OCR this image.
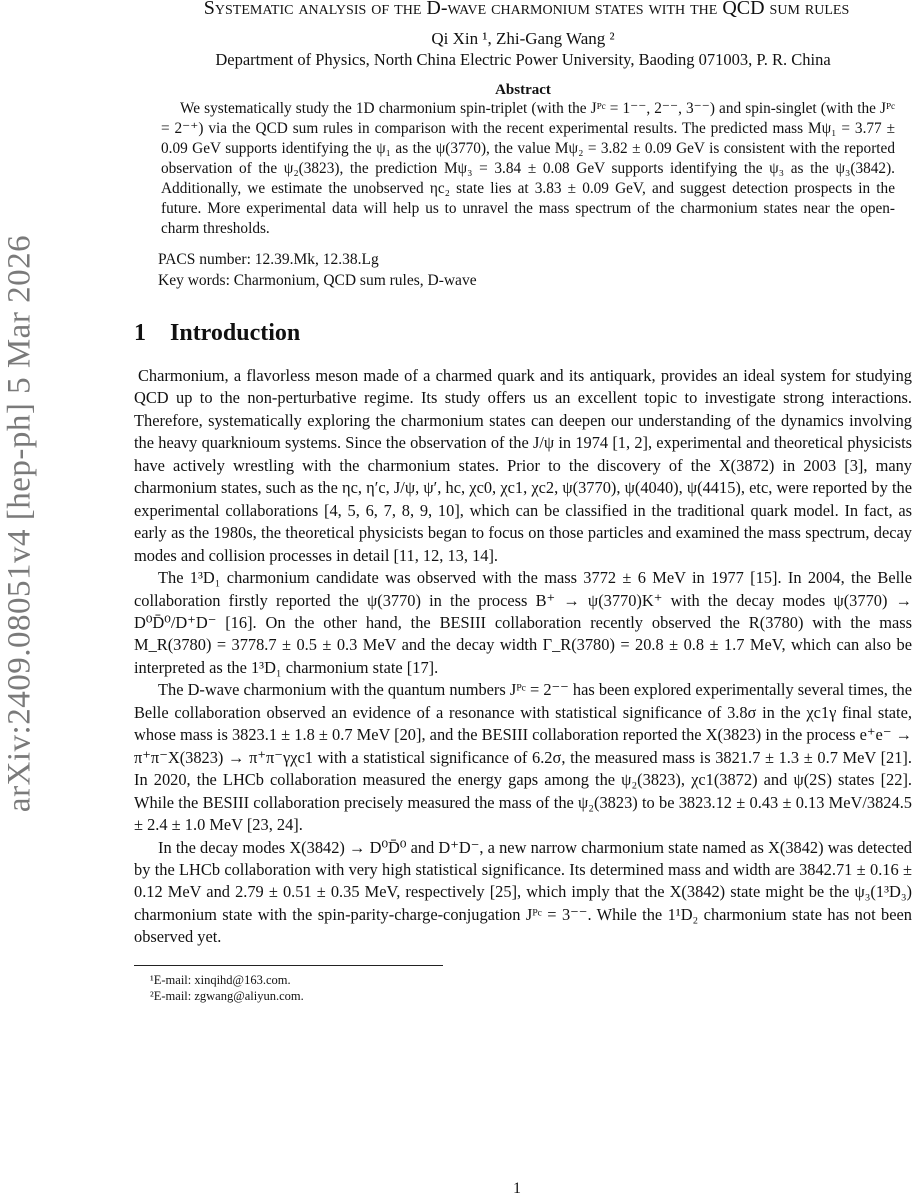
arXiv:2409.08051v4 [hep-ph] 5 Mar 2026
Systematic analysis of the D-wave charmonium states with the QCD sum rules
Qi Xin ¹, Zhi-Gang Wang ²
Department of Physics, North China Electric Power University, Baoding 071003, P. R. China
Abstract
We systematically study the 1D charmonium spin-triplet (with the Jᴾᶜ = 1⁻⁻, 2⁻⁻, 3⁻⁻) and spin-singlet (with the Jᴾᶜ = 2⁻⁺) via the QCD sum rules in comparison with the recent experimental results. The predicted mass Mψ₁ = 3.77 ± 0.09 GeV supports identifying the ψ₁ as the ψ(3770), the value Mψ₂ = 3.82 ± 0.09 GeV is consistent with the reported observation of the ψ₂(3823), the prediction Mψ₃ = 3.84 ± 0.08 GeV supports identifying the ψ₃ as the ψ₃(3842). Additionally, we estimate the unobserved ηc₂ state lies at 3.83 ± 0.09 GeV, and suggest detection prospects in the future. More experimental data will help us to unravel the mass spectrum of the charmonium states near the open-charm thresholds.
PACS number: 12.39.Mk, 12.38.Lg
Key words: Charmonium, QCD sum rules, D-wave
1 Introduction

Charmonium, a flavorless meson made of a charmed quark and its antiquark, provides an ideal system for studying QCD up to the non-perturbative regime. Its study offers us an excellent topic to investigate strong interactions. Therefore, systematically exploring the charmonium states can deepen our understanding of the dynamics involving the heavy quarknioum systems. Since the observation of the J/ψ in 1974 [1, 2], experimental and theoretical physicists have actively wrestling with the charmonium states. Prior to the discovery of the X(3872) in 2003 [3], many charmonium states, such as the ηc, η′c, J/ψ, ψ′, hc, χc0, χc1, χc2, ψ(3770), ψ(4040), ψ(4415), etc, were reported by the experimental collaborations [4, 5, 6, 7, 8, 9, 10], which can be classified in the traditional quark model. In fact, as early as the 1980s, the theoretical physicists began to focus on those particles and examined the mass spectrum, decay modes and collision processes in detail [11, 12, 13, 14].

The 1³D₁ charmonium candidate was observed with the mass 3772 ± 6 MeV in 1977 [15]. In 2004, the Belle collaboration firstly reported the ψ(3770) in the process B⁺ → ψ(3770)K⁺ with the decay modes ψ(3770) → D⁰D̄⁰/D⁺D⁻ [16]. On the other hand, the BESIII collaboration recently observed the R(3780) with the mass M_R(3780) = 3778.7 ± 0.5 ± 0.3 MeV and the decay width Γ_R(3780) = 20.8 ± 0.8 ± 1.7 MeV, which can also be interpreted as the 1³D₁ charmonium state [17].

The D-wave charmonium with the quantum numbers Jᴾᶜ = 2⁻⁻ has been explored experimentally several times, the Belle collaboration observed an evidence of a resonance with statistical significance of 3.8σ in the χc1γ final state, whose mass is 3823.1 ± 1.8 ± 0.7 MeV [20], and the BESIII collaboration reported the X(3823) in the process e⁺e⁻ → π⁺π⁻X(3823) → π⁺π⁻γχc1 with a statistical significance of 6.2σ, the measured mass is 3821.7 ± 1.3 ± 0.7 MeV [21]. In 2020, the LHCb collaboration measured the energy gaps among the ψ₂(3823), χc1(3872) and ψ(2S) states [22]. While the BESIII collaboration precisely measured the mass of the ψ₂(3823) to be 3823.12 ± 0.43 ± 0.13 MeV/3824.5 ± 2.4 ± 1.0 MeV [23, 24].

In the decay modes X(3842) → D⁰D̄⁰ and D⁺D⁻, a new narrow charmonium state named as X(3842) was detected by the LHCb collaboration with very high statistical significance. Its determined mass and width are 3842.71 ± 0.16 ± 0.12 MeV and 2.79 ± 0.51 ± 0.35 MeV, respectively [25], which imply that the X(3842) state might be the ψ₃(1³D₃) charmonium state with the spin-parity-charge-conjugation Jᴾᶜ = 3⁻⁻. While the 1¹D₂ charmonium state has not been observed yet.

¹E-mail: xinqihd@163.com.
²E-mail: zgwang@aliyun.com.
1
